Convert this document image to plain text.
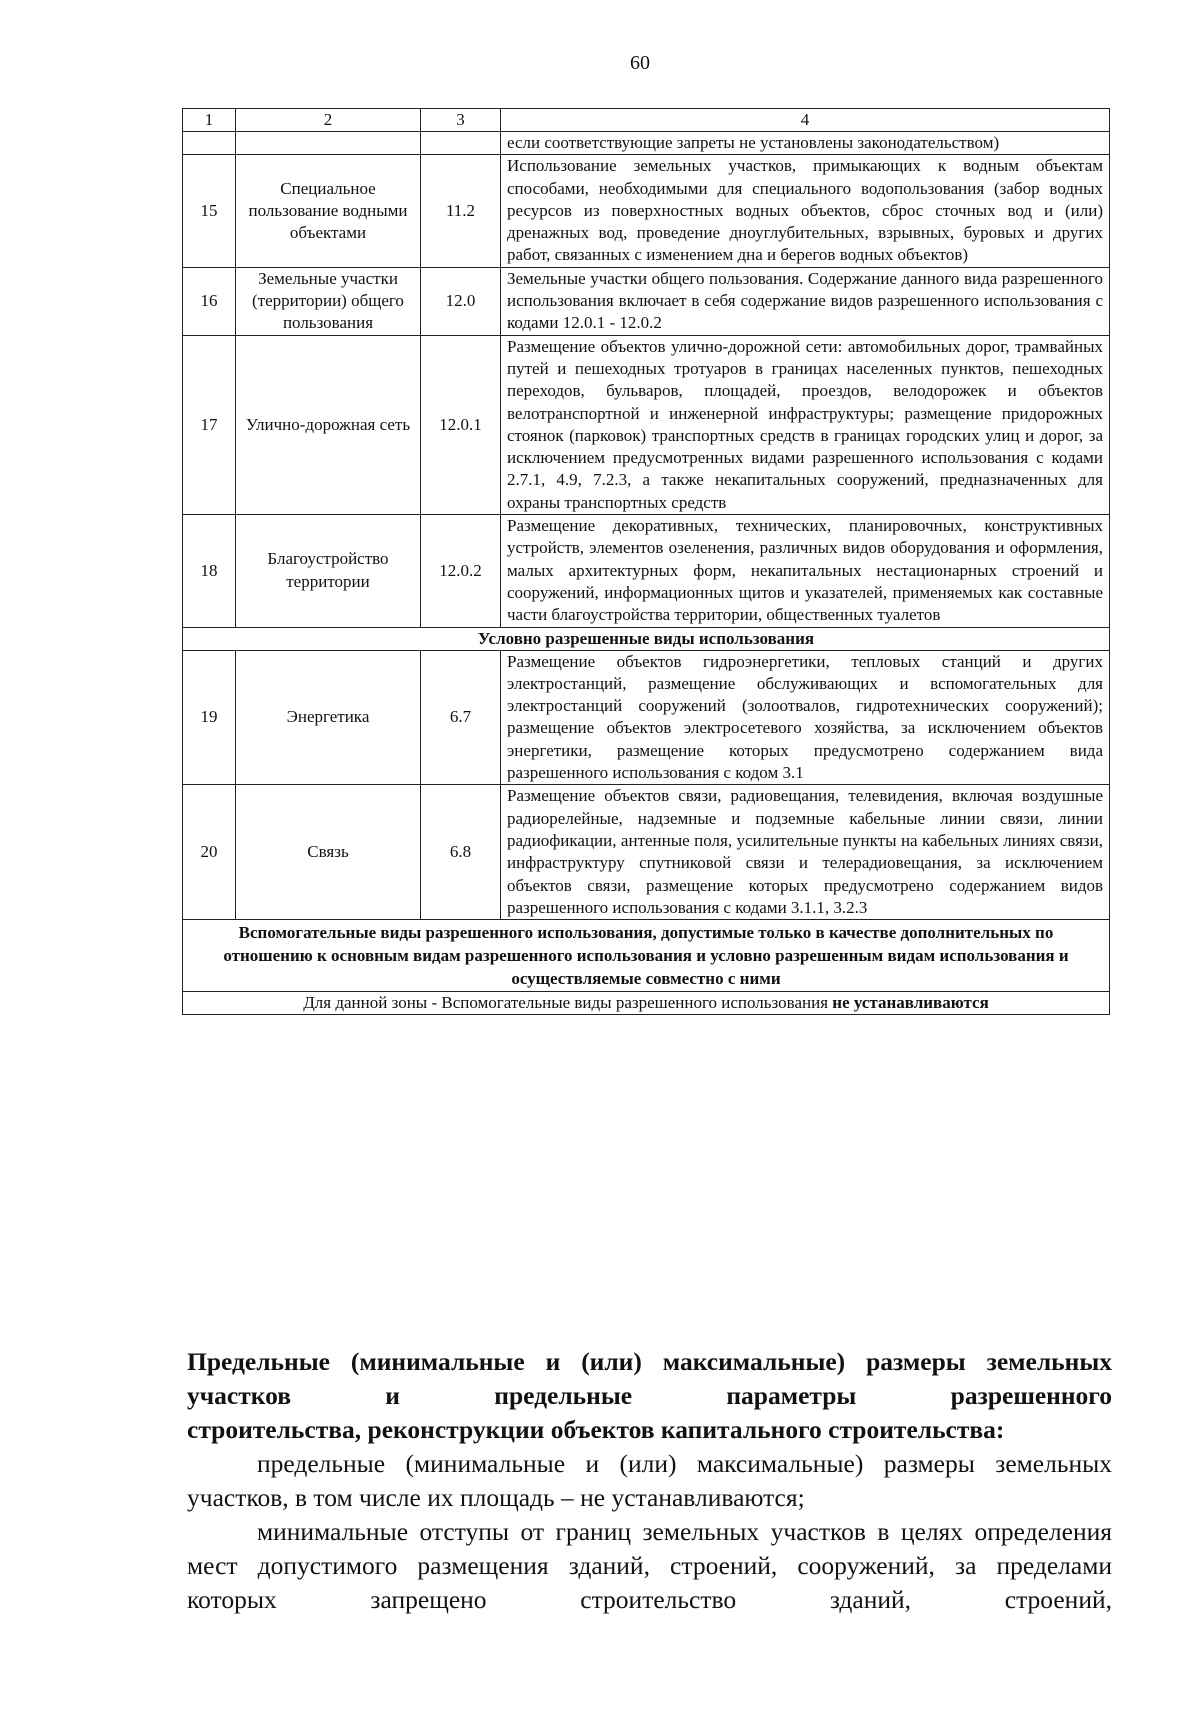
60
1	2	3	4
			если соответствующие запреты не установлены законодательством)
15	Специальное пользование водными объектами	11.2	Использование земельных участков, примыкающих к водным объектам способами, необходимыми для специального водопользования (забор водных ресурсов из поверхностных водных объектов, сброс сточных вод и (или) дренажных вод, проведение дноуглубительных, взрывных, буровых и других работ, связанных с изменением дна и берегов водных объектов)
16	Земельные участки (территории) общего пользования	12.0	Земельные участки общего пользования. Содержание данного вида разрешенного использования включает в себя содержание видов разрешенного использования с кодами 12.0.1 - 12.0.2
17	Улично-дорожная сеть	12.0.1	Размещение объектов улично-дорожной сети: автомобильных дорог, трамвайных путей и пешеходных тротуаров в границах населенных пунктов, пешеходных переходов, бульваров, площадей, проездов, велодорожек и объектов велотранспортной и инженерной инфраструктуры; размещение придорожных стоянок (парковок) транспортных средств в границах городских улиц и дорог, за исключением предусмотренных видами разрешенного использования с кодами 2.7.1, 4.9, 7.2.3, а также некапитальных сооружений, предназначенных для охраны транспортных средств
18	Благоустройство территории	12.0.2	Размещение декоративных, технических, планировочных, конструктивных устройств, элементов озеленения, различных видов оборудования и оформления, малых архитектурных форм, некапитальных нестационарных строений и сооружений, информационных щитов и указателей, применяемых как составные части благоустройства территории, общественных туалетов
Условно разрешенные виды использования			
19	Энергетика	6.7	Размещение объектов гидроэнергетики, тепловых станций и других электростанций, размещение обслуживающих и вспомогательных для электростанций сооружений (золоотвалов, гидротехнических сооружений); размещение объектов электросетевого хозяйства, за исключением объектов энергетики, размещение которых предусмотрено содержанием вида разрешенного использования с кодом 3.1
20	Связь	6.8	Размещение объектов связи, радиовещания, телевидения, включая воздушные радиорелейные, надземные и подземные кабельные линии связи, линии радиофикации, антенные поля, усилительные пункты на кабельных линиях связи, инфраструктуру спутниковой связи и телерадиовещания, за исключением объектов связи, размещение которых предусмотрено содержанием видов разрешенного использования с кодами 3.1.1, 3.2.3
Вспомогательные виды разрешенного использования, допустимые только в качестве дополнительных по отношению к основным видам разрешенного использования и условно разрешенным видам использования и осуществляемые совместно с ними			
Для данной зоны - Вспомогательные виды разрешенного использования не устанавливаются			
Предельные (минимальные и (или) максимальные) размеры земельных участков и предельные параметры разрешенного
строительства, реконструкции объектов капитального строительства:

предельные (минимальные и (или) максимальные) размеры земельных участков, в том числе их площадь – не устанавливаются;

минимальные отступы от границ земельных участков в целях определения мест допустимого размещения зданий, строений, сооружений, за пределами которых запрещено строительство зданий, строений,
